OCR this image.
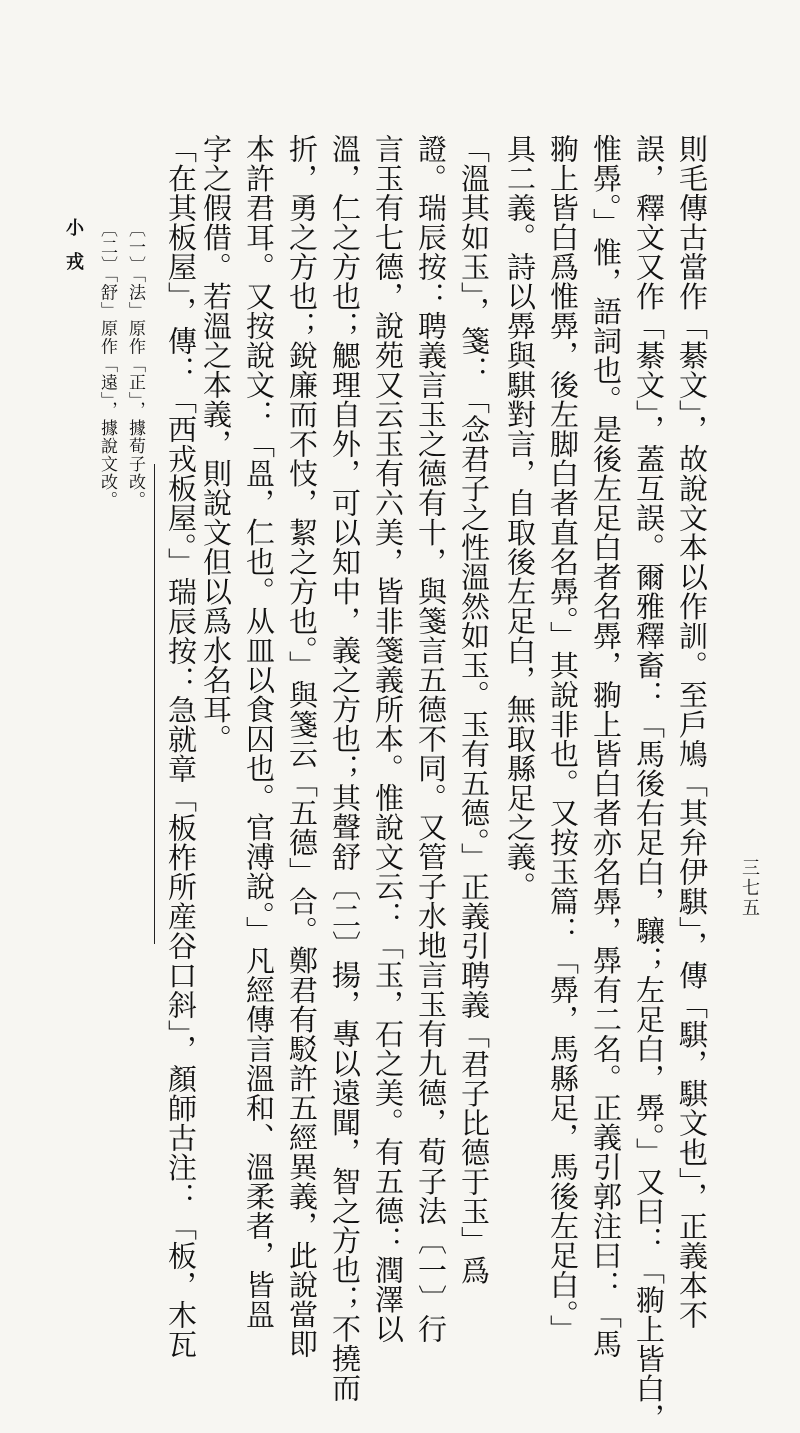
三七五
則毛傳古當作「綦文」，故說文本以作訓。至戶鳩「其弁伊騏」，傳「騏，騏文也」，正義本不
誤，釋文又作「綦文」，蓋互誤。爾雅釋畜：「馬後右足白，驤；左足白，馵。」又曰：「翑上皆白，
惟馵。」惟，語詞也。是後左足白者名馵，翑上皆白者亦名馵，馵有二名。正義引郭注曰：「馬
翑上皆白爲惟馵，後左脚白者直名馵。」其說非也。又按玉篇：「馵，馬縣足，馬後左足白。」
具二義。詩以馵與騏對言，自取後左足白，無取縣足之義。
「溫其如玉」，箋：「念君子之性溫然如玉。玉有五德。」正義引聘義「君子比德于玉」爲
證。瑞辰按：聘義言玉之德有十，與箋言五德不同。又管子水地言玉有九德，荀子法〔一〕行
言玉有七德，說苑又云玉有六美，皆非箋義所本。惟說文云：「玉，石之美。有五德：潤澤以
溫，仁之方也；䚡理自外，可以知中，義之方也；其聲舒〔二〕揚，專以遠聞，智之方也；不撓而
折，勇之方也；銳廉而不忮，絜之方也。」與箋云「五德」合。鄭君有駁許五經異義，此說當即
本許君耳。又按說文：「𥁕，仁也。从皿以食囚也。官溥說。」凡經傳言溫和、溫柔者，皆𥁕
字之假借。若溫之本義，則說文但以爲水名耳。
「在其板屋」，傳：「西戎板屋。」瑞辰按：急就章「板柞所産谷口斜」，顏師古注：「板，木瓦
〔一〕「法」原作「正」，據荀子改。
〔二〕「舒」原作「遠」，據說文改。
小戎
